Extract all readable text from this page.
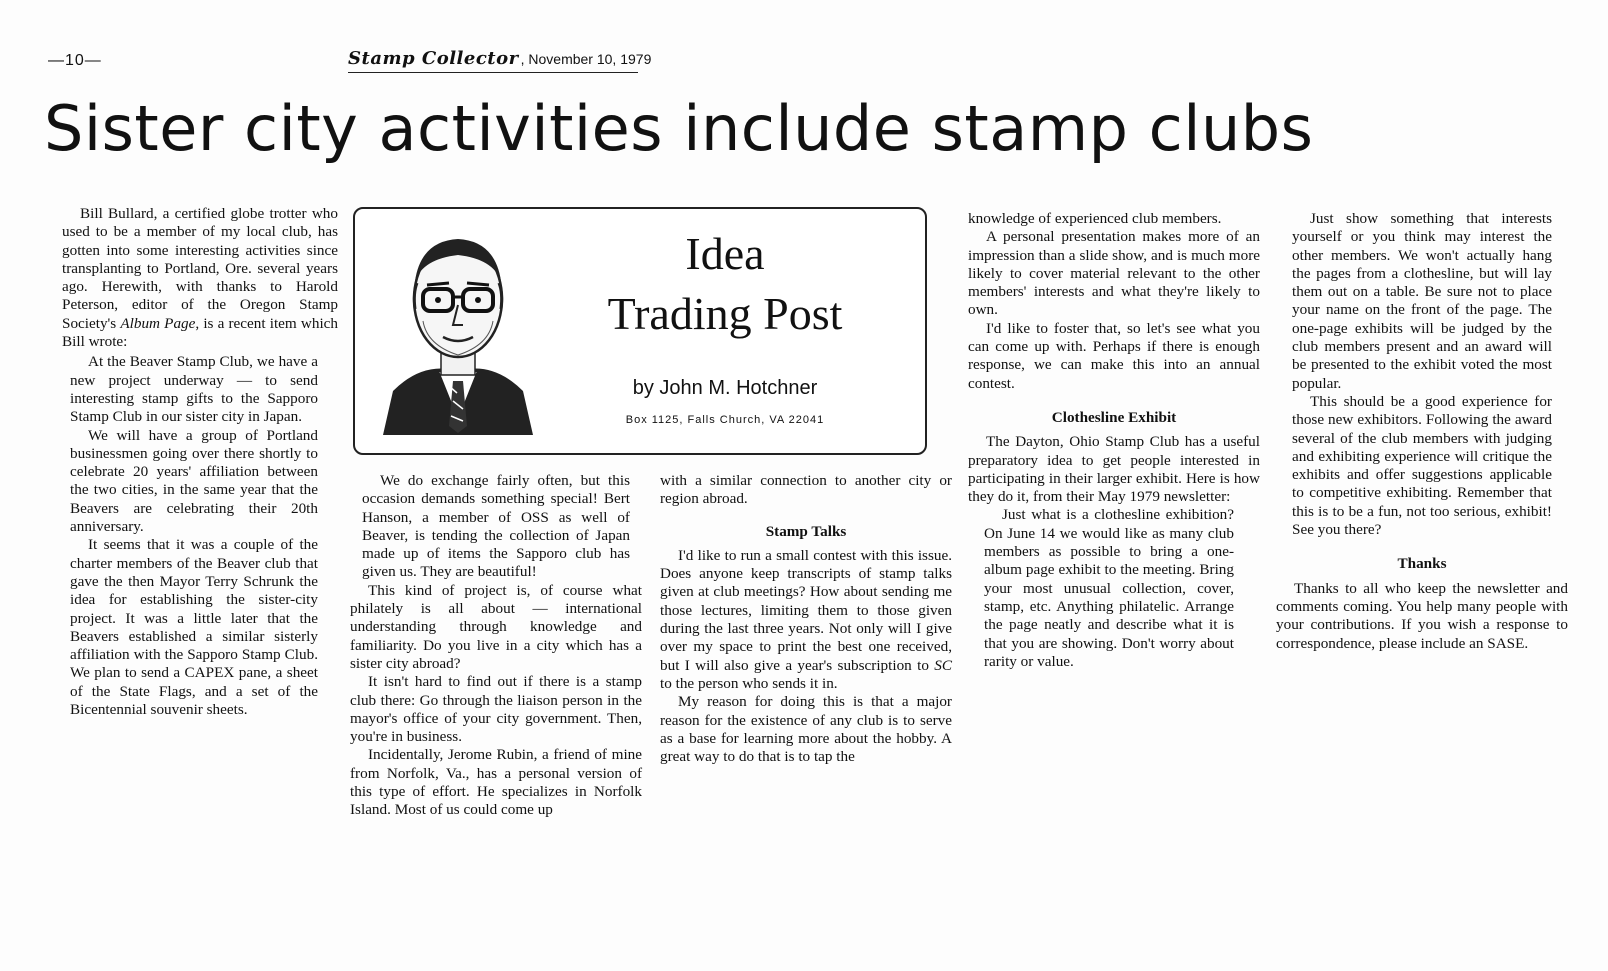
—10—	Stamp Collector , November 10, 1979
Sister city activities include stamp clubs

Bill Bullard, a certified globe trotter who used to be a member of my local club, has gotten into some interesting activities since transplanting to Portland, Ore. several years ago. Herewith, with thanks to Harold Peterson, editor of the Oregon Stamp Society's Album Page, is a recent item which Bill wrote:

At the Beaver Stamp Club, we have a new project underway — to send interesting stamp gifts to the Sapporo Stamp Club in our sister city in Japan.

We will have a group of Portland businessmen going over there shortly to celebrate 20 years' affiliation between the two cities, in the same year that the Beavers are celebrating their 20th anniversary.

It seems that it was a couple of the charter members of the Beaver club that gave the then Mayor Terry Schrunk the idea for establishing the sister-city project. It was a little later that the Beavers established a similar sisterly affiliation with the Sapporo Stamp Club. We plan to send a CAPEX pane, a sheet of the State Flags, and a set of the Bicentennial souvenir sheets.

Idea
Trading Post
by John M. Hotchner
Box 1125, Falls Church, VA 22041

We do exchange fairly often, but this occasion demands something special! Bert Hanson, a member of OSS as well of Beaver, is tending the collection of Japan made up of items the Sapporo club has given us. They are beautiful!

This kind of project is, of course what philately is all about — international understanding through knowledge and familiarity. Do you live in a city which has a sister city abroad?

It isn't hard to find out if there is a stamp club there: Go through the liaison person in the mayor's office of your city government. Then, you're in business.

Incidentally, Jerome Rubin, a friend of mine from Norfolk, Va., has a personal version of this type of effort. He specializes in Norfolk Island. Most of us could come up

with a similar connection to another city or region abroad.

Stamp Talks

I'd like to run a small contest with this issue. Does anyone keep transcripts of stamp talks given at club meetings? How about sending me those lectures, limiting them to those given during the last three years. Not only will I give over my space to print the best one received, but I will also give a year's subscription to SC to the person who sends it in.

My reason for doing this is that a major reason for the existence of any club is to serve as a base for learning more about the hobby. A great way to do that is to tap the

knowledge of experienced club members.

A personal presentation makes more of an impression than a slide show, and is much more likely to cover material relevant to the other members' interests and what they're likely to own.

I'd like to foster that, so let's see what you can come up with. Perhaps if there is enough response, we can make this into an annual contest.

Clothesline Exhibit

The Dayton, Ohio Stamp Club has a useful preparatory idea to get people interested in participating in their larger exhibit. Here is how they do it, from their May 1979 newsletter:

Just what is a clothesline exhibition? On June 14 we would like as many club members as possible to bring a one-album page exhibit to the meeting. Bring your most unusual collection, cover, stamp, etc. Anything philatelic. Arrange the page neatly and describe what it is that you are showing. Don't worry about rarity or value.

Just show something that interests yourself or you think may interest the other members. We won't actually hang the pages from a clothesline, but will lay them out on a table. Be sure not to place your name on the front of the page. The one-page exhibits will be judged by the club members present and an award will be presented to the exhibit voted the most popular.

This should be a good experience for those new exhibitors. Following the award several of the club members with judging and exhibiting experience will critique the exhibits and offer suggestions applicable to competitive exhibiting. Remember that this is to be a fun, not too serious, exhibit! See you there?

Thanks

Thanks to all who keep the newsletter and comments coming. You help many people with your contributions. If you wish a response to correspondence, please include an SASE.
